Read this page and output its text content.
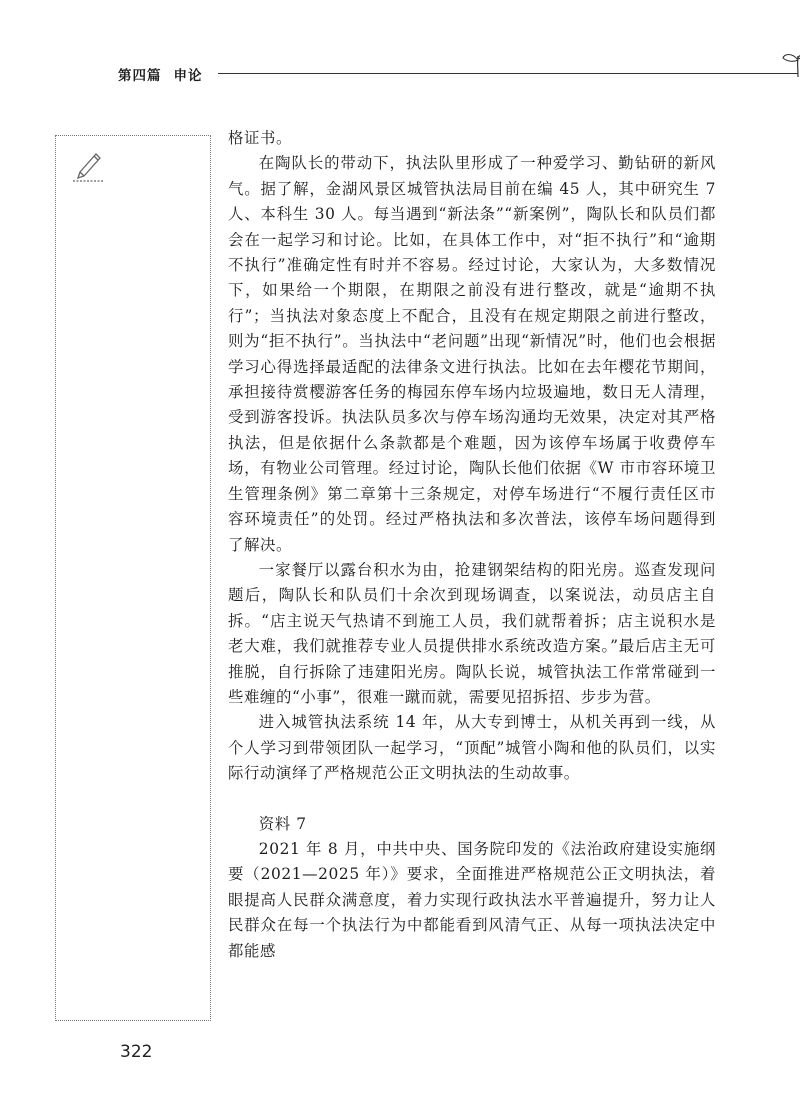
第四篇 申论

格证书。

在陶队长的带动下，执法队里形成了一种爱学习、勤钻研的新风气。据了解，金湖风景区城管执法局目前在编 45 人，其中研究生 7 人、本科生 30 人。每当遇到“新法条”“新案例”，陶队长和队员们都会在一起学习和讨论。比如，在具体工作中，对“拒不执行”和“逾期不执行”准确定性有时并不容易。经过讨论，大家认为，大多数情况下，如果给一个期限，在期限之前没有进行整改，就是“逾期不执行”；当执法对象态度上不配合，且没有在规定期限之前进行整改，则为“拒不执行”。当执法中“老问题”出现“新情况”时，他们也会根据学习心得选择最适配的法律条文进行执法。比如在去年樱花节期间，承担接待赏樱游客任务的梅园东停车场内垃圾遍地，数日无人清理，受到游客投诉。执法队员多次与停车场沟通均无效果，决定对其严格执法，但是依据什么条款都是个难题，因为该停车场属于收费停车场，有物业公司管理。经过讨论，陶队长他们依据《W 市市容环境卫生管理条例》第二章第十三条规定，对停车场进行“不履行责任区市容环境责任”的处罚。经过严格执法和多次普法，该停车场问题得到了解决。

一家餐厅以露台积水为由，抢建钢架结构的阳光房。巡查发现问题后，陶队长和队员们十余次到现场调查，以案说法，动员店主自拆。“店主说天气热请不到施工人员，我们就帮着拆；店主说积水是老大难，我们就推荐专业人员提供排水系统改造方案。”最后店主无可推脱，自行拆除了违建阳光房。陶队长说，城管执法工作常常碰到一些难缠的“小事”，很难一蹴而就，需要见招拆招、步步为营。

进入城管执法系统 14 年，从大专到博士，从机关再到一线，从个人学习到带领团队一起学习，“顶配”城管小陶和他的队员们，以实际行动演绎了严格规范公正文明执法的生动故事。

资料 7

2021 年 8 月，中共中央、国务院印发的《法治政府建设实施纲要（2021—2025 年）》要求，全面推进严格规范公正文明执法，着眼提高人民群众满意度，着力实现行政执法水平普遍提升，努力让人民群众在每一个执法行为中都能看到风清气正、从每一项执法决定中都能感

322
